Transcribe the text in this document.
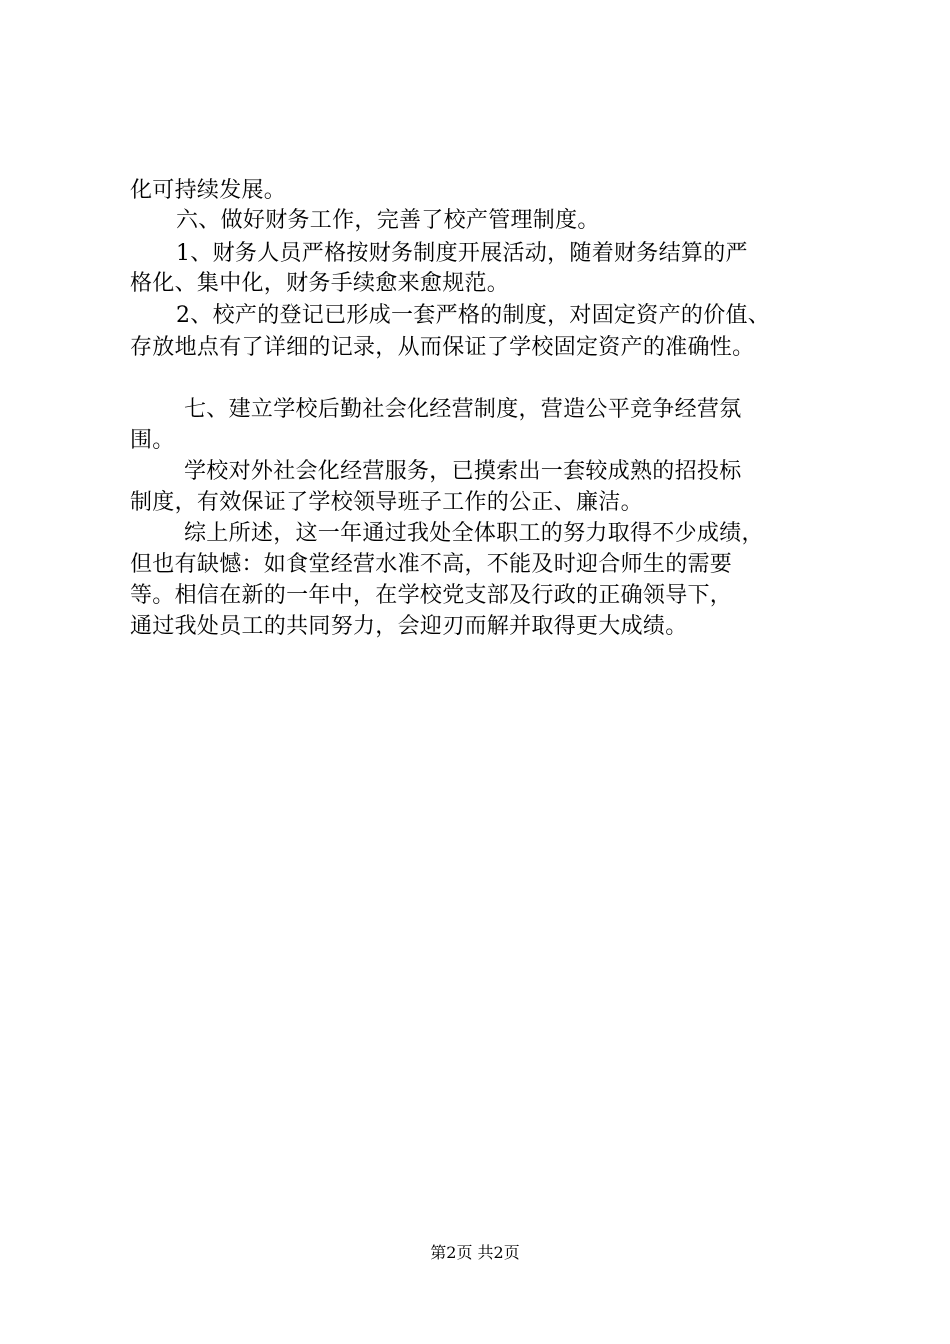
化可持续发展。
六、做好财务工作，完善了校产管理制度。
1、财务人员严格按财务制度开展活动，随着财务结算的严
格化、集中化，财务手续愈来愈规范。
2、校产的登记已形成一套严格的制度，对固定资产的价值、
存放地点有了详细的记录，从而保证了学校固定资产的准确性。
七、建立学校后勤社会化经营制度，营造公平竞争经营氛
围。
学校对外社会化经营服务，已摸索出一套较成熟的招投标
制度，有效保证了学校领导班子工作的公正、廉洁。
综上所述，这一年通过我处全体职工的努力取得不少成绩，
但也有缺憾：如食堂经营水准不高，不能及时迎合师生的需要
等。相信在新的一年中，在学校党支部及行政的正确领导下，
通过我处员工的共同努力，会迎刃而解并取得更大成绩。
第2页 共2页
